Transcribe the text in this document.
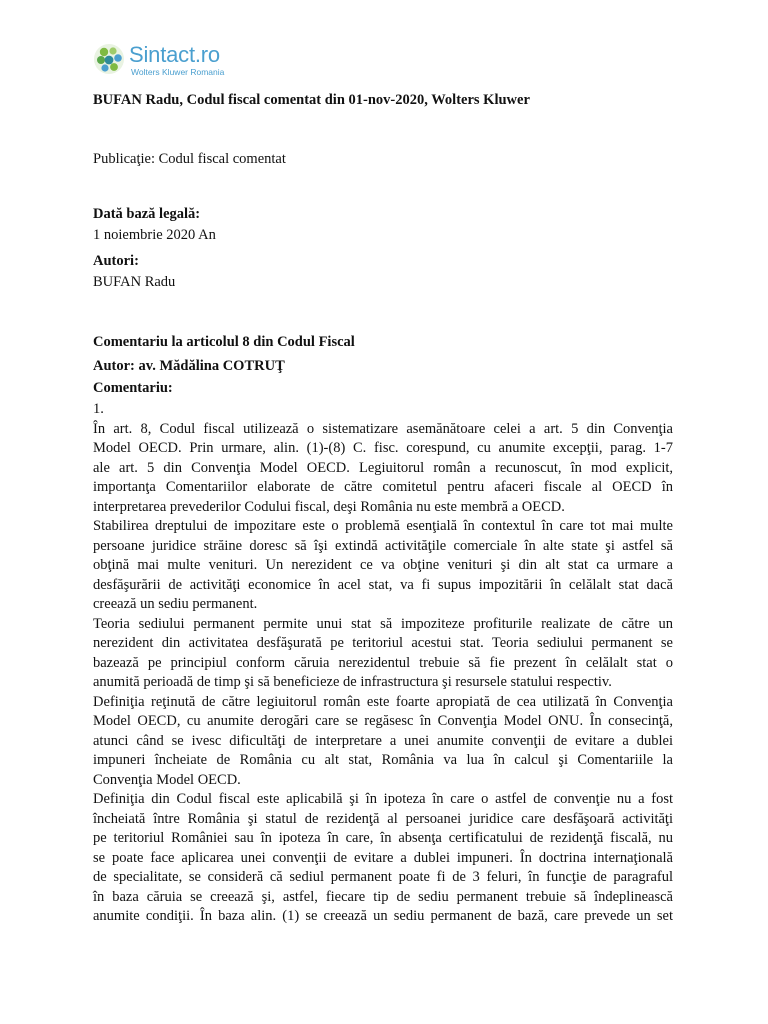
Sintact.ro
Wolters Kluwer Romania
BUFAN Radu, Codul fiscal comentat din 01-nov-2020, Wolters Kluwer
Publicaţie: Codul fiscal comentat
Dată bază legală:
1 noiembrie 2020 An
Autori:
BUFAN Radu
Comentariu la articolul 8 din Codul Fiscal
Autor: av. Mădălina COTRUŢ
Comentariu:
1.

În art. 8, Codul fiscal utilizează o sistematizare asemănătoare celei a art. 5 din Convenţia
Model OECD. Prin urmare, alin. (1)-(8) C. fisc. corespund, cu anumite excepţii, parag. 1-7
ale art. 5 din Convenţia Model OECD. Legiuitorul român a recunoscut, în mod explicit,
importanţa Comentariilor elaborate de către comitetul pentru afaceri fiscale al OECD în
interpretarea prevederilor Codului fiscal, deşi România nu este membră a OECD.

Stabilirea dreptului de impozitare este o problemă esenţială în contextul în care tot mai multe
persoane juridice străine doresc să îşi extindă activităţile comerciale în alte state şi astfel să
obţină mai multe venituri. Un nerezident ce va obţine venituri şi din alt stat ca urmare a
desfăşurării de activităţi economice în acel stat, va fi supus impozitării în celălalt stat dacă
creează un sediu permanent.

Teoria sediului permanent permite unui stat să impoziteze profiturile realizate de către un
nerezident din activitatea desfăşurată pe teritoriul acestui stat. Teoria sediului permanent se
bazează pe principiul conform căruia nerezidentul trebuie să fie prezent în celălalt stat o
anumită perioadă de timp şi să beneficieze de infrastructura şi resursele statului respectiv.

Definiţia reţinută de către legiuitorul român este foarte apropiată de cea utilizată în Convenţia
Model OECD, cu anumite derogări care se regăsesc în Convenţia Model ONU. În consecinţă,
atunci când se ivesc dificultăţi de interpretare a unei anumite convenţii de evitare a dublei
impuneri încheiate de România cu alt stat, România va lua în calcul şi Comentariile la
Convenţia Model OECD.

Definiţia din Codul fiscal este aplicabilă şi în ipoteza în care o astfel de convenţie nu a fost
încheiată între România şi statul de rezidenţă al persoanei juridice care desfăşoară activităţi
pe teritoriul României sau în ipoteza în care, în absenţa certificatului de rezidenţă fiscală, nu
se poate face aplicarea unei convenţii de evitare a dublei impuneri. În doctrina internaţională
de specialitate, se consideră că sediul permanent poate fi de 3 feluri, în funcţie de paragraful
în baza căruia se creează şi, astfel, fiecare tip de sediu permanent trebuie să îndeplinească
anumite condiţii. În baza alin. (1) se creează un sediu permanent de bază, care prevede un set
